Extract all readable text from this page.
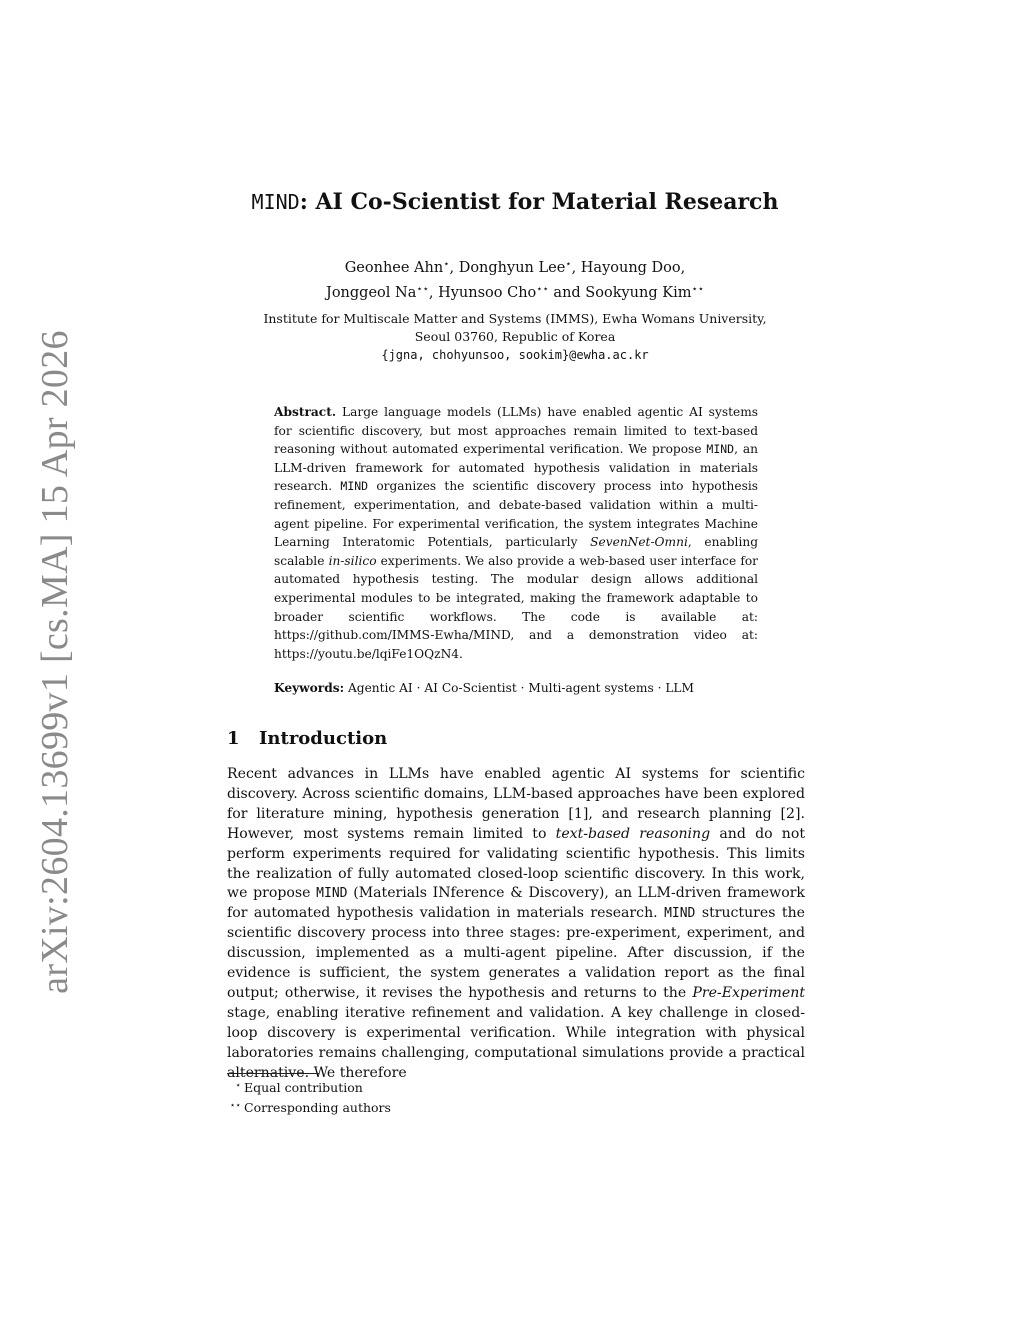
arXiv:2604.13699v1 [cs.MA] 15 Apr 2026
MIND: AI Co-Scientist for Material Research
Geonhee Ahn⋆, Donghyun Lee⋆, Hayoung Doo,
Jonggeol Na⋆⋆, Hyunsoo Cho⋆⋆ and Sookyung Kim⋆⋆
Institute for Multiscale Matter and Systems (IMMS), Ewha Womans University,
Seoul 03760, Republic of Korea
{jgna, chohyunsoo, sookim}@ewha.ac.kr
Abstract. Large language models (LLMs) have enabled agentic AI systems for scientific discovery, but most approaches remain limited to text-based reasoning without automated experimental verification. We propose MIND, an LLM-driven framework for automated hypothesis validation in materials research. MIND organizes the scientific discovery process into hypothesis refinement, experimentation, and debate-based validation within a multi-agent pipeline. For experimental verification, the system integrates Machine Learning Interatomic Potentials, particularly SevenNet-Omni, enabling scalable in-silico experiments. We also provide a web-based user interface for automated hypothesis testing. The modular design allows additional experimental modules to be integrated, making the framework adaptable to broader scientific workflows. The code is available at: https://github.com/IMMS-Ewha/MIND, and a demonstration video at: https://youtu.be/lqiFe1OQzN4.
Keywords: Agentic AI · AI Co-Scientist · Multi-agent systems · LLM
1 Introduction
Recent advances in LLMs have enabled agentic AI systems for scientific discovery. Across scientific domains, LLM-based approaches have been explored for literature mining, hypothesis generation [1], and research planning [2]. However, most systems remain limited to text-based reasoning and do not perform experiments required for validating scientific hypothesis. This limits the realization of fully automated closed-loop scientific discovery. In this work, we propose MIND (Materials INference & Discovery), an LLM-driven framework for automated hypothesis validation in materials research. MIND structures the scientific discovery process into three stages: pre-experiment, experiment, and discussion, implemented as a multi-agent pipeline. After discussion, if the evidence is sufficient, the system generates a validation report as the final output; otherwise, it revises the hypothesis and returns to the Pre-Experiment stage, enabling iterative refinement and validation. A key challenge in closed-loop discovery is experimental verification. While integration with physical laboratories remains challenging, computational simulations provide a practical alternative. We therefore
⋆ Equal contribution
⋆⋆ Corresponding authors
